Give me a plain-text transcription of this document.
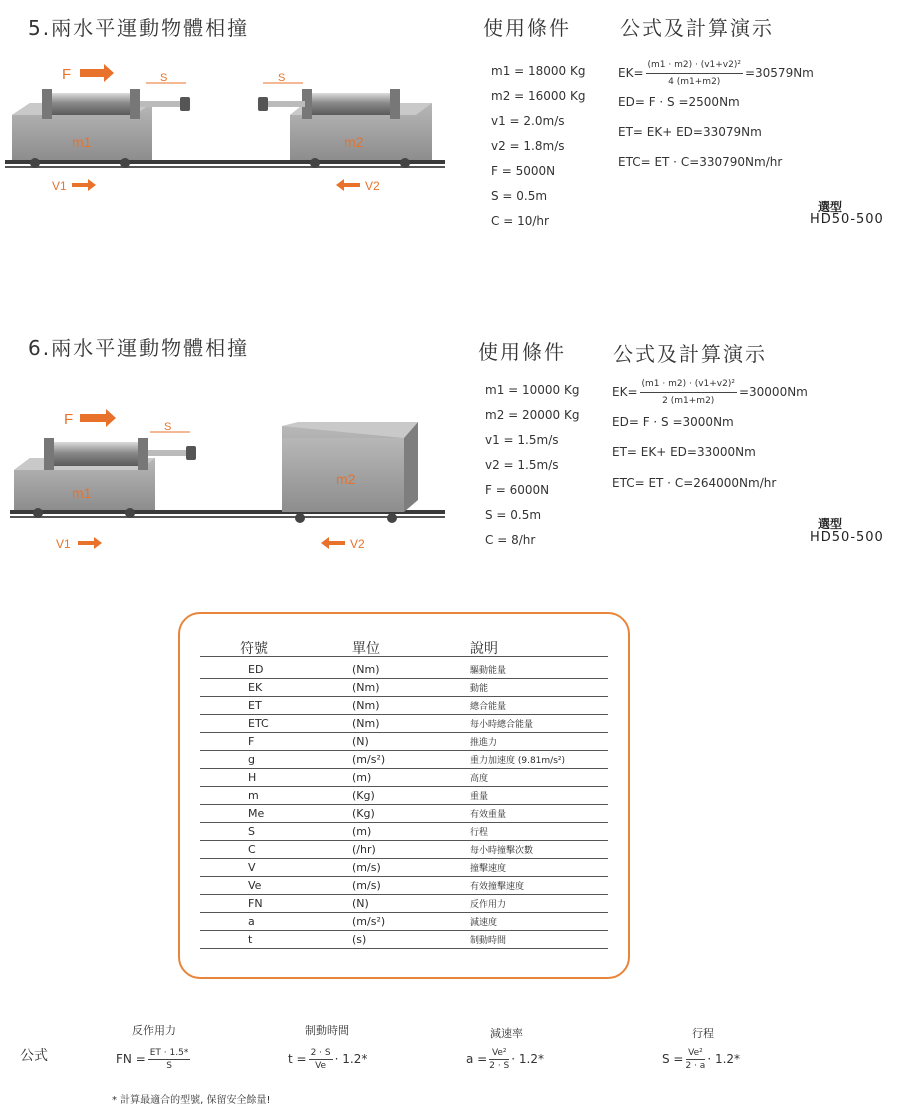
5.兩水平運動物體相撞	使用條件 公式及計算演示
F	S	S
m1	m2
V1	V2
m1 = 18000 Kg
m2 = 16000 Kg
v1 = 2.0m/s
v2 = 1.8m/s
F = 5000N
S = 0.5m
C = 10/hr
$EK= \frac{\text{(m1 · m2) · (v1+v2)²}}{4 (m1+m2)} =30579Nm$
ED= F · S =2500Nm
ET= EK+ ED=33079Nm
ETC= ET · C=330790Nm/hr
選型
HD50-500
6.兩水平運動物體相撞	使用條件 公式及計算演示
F	S
m1
m2
V1	V2
m1 = 10000 Kg
m2 = 20000 Kg
v1 = 1.5m/s
v2 = 1.5m/s
F = 6000N
S = 0.5m
C = 8/hr
$EK= \frac{\text{(m1 · m2) · (v1+v2)²}}{2 (m1+m2)} =30000Nm$
ED= F · S =3000Nm
ET= EK+ ED=33000Nm
ETC= ET · C=264000Nm/hr
選型
HD50-500
符號	單位	說明
ED	(Nm)	驅動能量
EK	(Nm)	動能
ET	(Nm)	總合能量
ETC	(Nm)	每小時總合能量
F	(N)	推進力
g	(m/s²)	重力加速度 (9.81m/s²)
H	(m)	高度
m	(Kg)	重量
Me	(Kg)	有效重量
S	(m)	行程
C	(/hr)	每小時撞擊次數
V	(m/s)	撞擊速度
Ve	(m/s)	有效撞擊速度
FN	(N)	反作用力
a	(m/s²)	減速度
t	(s)	制動時間
公式
反作用力
FN = $\frac{ET \cdot 1.5*}{S}$
制動時間
$t = \frac{2 \cdot S}{Ve} \cdot 1.2*$
減速率
$a = \frac{\text{Ve²}}{2 \cdot S} \cdot 1.2*$
行程
$S = \frac{\text{Ve²}}{2 \cdot a} \cdot 1.2*$
* 計算最適合的型號, 保留安全餘量!
